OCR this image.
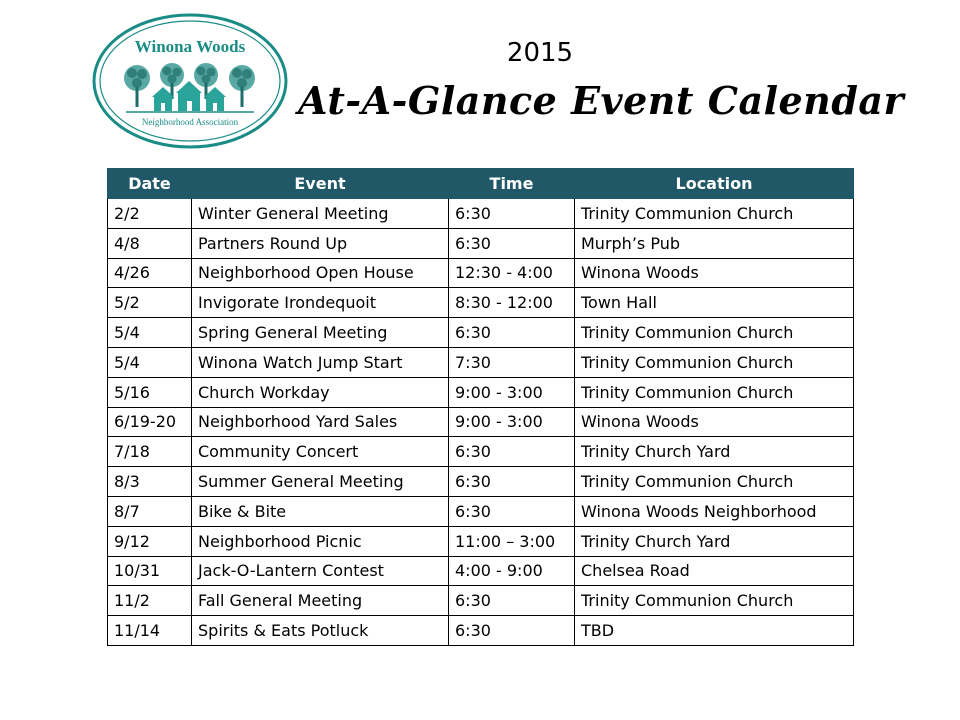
Winona Woods
Neighborhood Association
2015
At-A-Glance Event Calendar
Date	Event	Time	Location
2/2	Winter General Meeting	6:30	Trinity Communion Church
4/8	Partners Round Up	6:30	Murph’s Pub
4/26	Neighborhood Open House	12:30 - 4:00	Winona Woods
5/2	Invigorate Irondequoit	8:30 - 12:00	Town Hall
5/4	Spring General Meeting	6:30	Trinity Communion Church
5/4	Winona Watch Jump Start	7:30	Trinity Communion Church
5/16	Church Workday	9:00 - 3:00	Trinity Communion Church
6/19-20	Neighborhood Yard Sales	9:00 - 3:00	Winona Woods
7/18	Community Concert	6:30	Trinity Church Yard
8/3	Summer General Meeting	6:30	Trinity Communion Church
8/7	Bike & Bite	6:30	Winona Woods Neighborhood
9/12	Neighborhood Picnic	11:00 – 3:00	Trinity Church Yard
10/31	Jack-O-Lantern Contest	4:00 - 9:00	Chelsea Road
11/2	Fall General Meeting	6:30	Trinity Communion Church
11/14	Spirits & Eats Potluck	6:30	TBD
